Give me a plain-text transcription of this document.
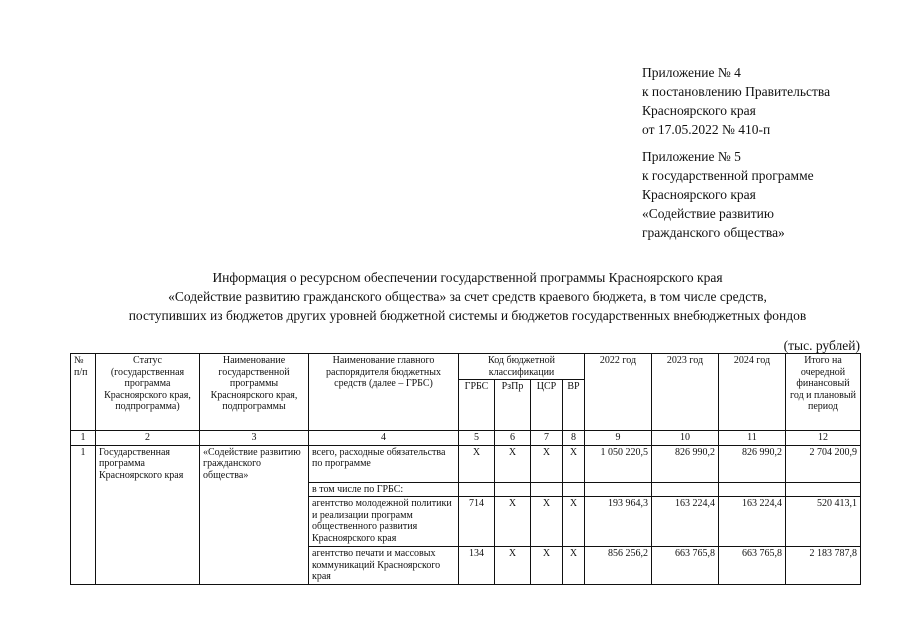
Приложение № 4
к постановлению Правительства
Красноярского края
от 17.05.2022 № 410-п
Приложение № 5
к государственной программе
Красноярского края
«Содействие развитию
гражданского общества»
Информация о ресурсном обеспечении государственной программы Красноярского края
«Содействие развитию гражданского общества» за счет средств краевого бюджета, в том числе средств,
поступивших из бюджетов других уровней бюджетной системы и бюджетов государственных внебюджетных фондов
(тыс. рублей)
№ п/п	Статус (государственная программа Красноярского края, подпрограмма)	Наименование государственной программы Красноярского края, подпрограммы	Наименование главного распорядителя бюджетных средств (далее – ГРБС)	Код бюджетной классификации				2022 год	2023 год	2024 год	Итого на очередной финансовый год и плановый период
				ГРБС	РзПр	ЦСР	ВР				
1	2	3	4	5	6	7	8	9	10	11	12
1	Государственная программа Красноярского края	«Содействие развитию гражданского общества»	всего, расходные обязательства по программе	Х	Х	Х	Х	1 050 220,5	826 990,2	826 990,2	2 704 200,9
			в том числе по ГРБС:								
			агентство молодежной политики и реализации программ общественного развития Красноярского края	714	Х	Х	Х	193 964,3	163 224,4	163 224,4	520 413,1
			агентство печати и массовых коммуникаций Красноярского края	134	Х	Х	Х	856 256,2	663 765,8	663 765,8	2 183 787,8
